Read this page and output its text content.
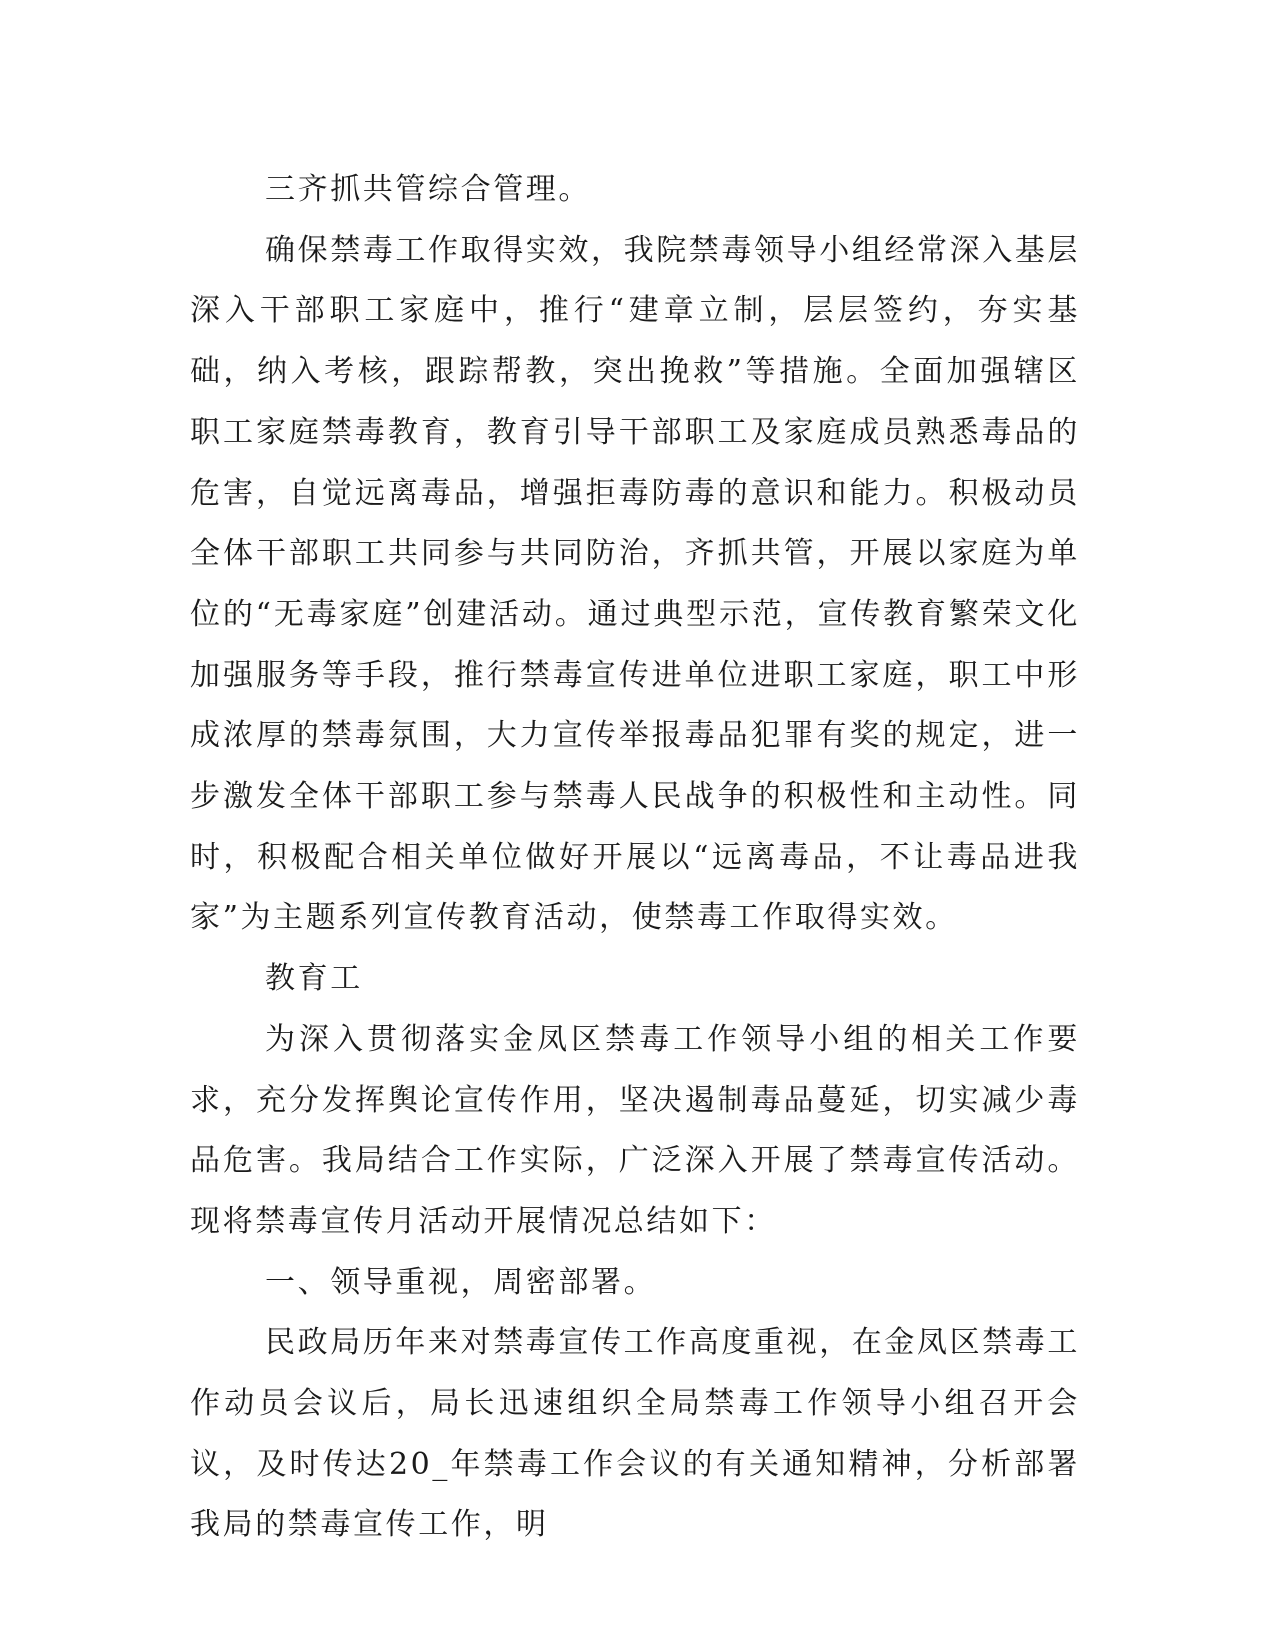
三齐抓共管综合管理。

确保禁毒工作取得实效，我院禁毒领导小组经常深入基层深入干部职工家庭中，推行“建章立制，层层签约，夯实基础，纳入考核，跟踪帮教，突出挽救”等措施。全面加强辖区职工家庭禁毒教育，教育引导干部职工及家庭成员熟悉毒品的危害，自觉远离毒品，增强拒毒防毒的意识和能力。积极动员全体干部职工共同参与共同防治，齐抓共管，开展以家庭为单位的“无毒家庭”创建活动。通过典型示范，宣传教育繁荣文化加强服务等手段，推行禁毒宣传进单位进职工家庭，职工中形成浓厚的禁毒氛围，大力宣传举报毒品犯罪有奖的规定，进一步激发全体干部职工参与禁毒人民战争的积极性和主动性。同时，积极配合相关单位做好开展以“远离毒品，不让毒品进我家”为主题系列宣传教育活动，使禁毒工作取得实效。

教育工

为深入贯彻落实金凤区禁毒工作领导小组的相关工作要求，充分发挥舆论宣传作用，坚决遏制毒品蔓延，切实减少毒品危害。我局结合工作实际，广泛深入开展了禁毒宣传活动。现将禁毒宣传月活动开展情况总结如下：

一、领导重视，周密部署。

民政局历年来对禁毒宣传工作高度重视，在金凤区禁毒工作动员会议后，局长迅速组织全局禁毒工作领导小组召开会议，及时传达20_年禁毒工作会议的有关通知精神，分析部署我局的禁毒宣传工作，明
